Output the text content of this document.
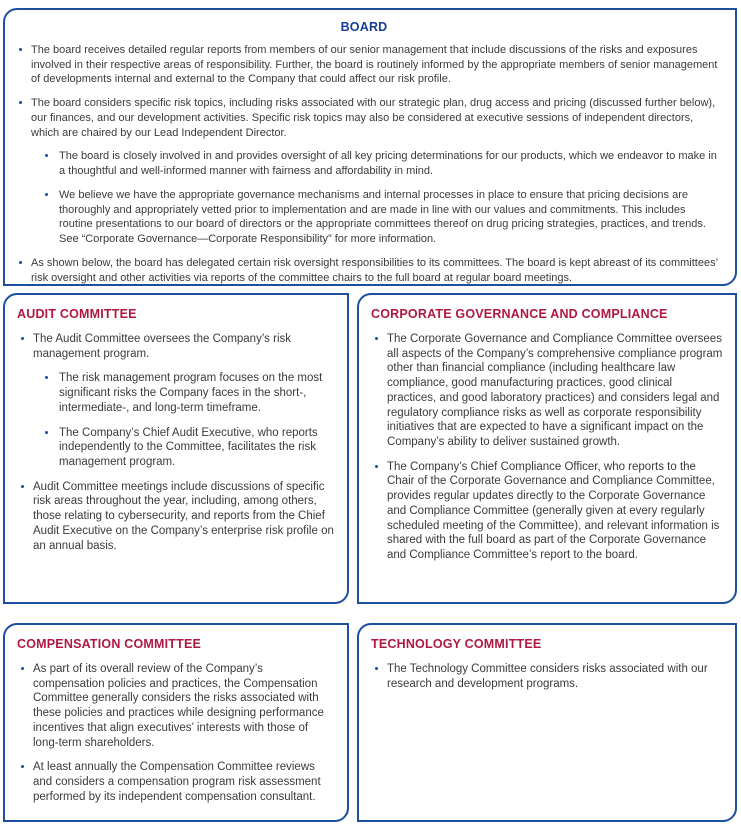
BOARD
The board receives detailed regular reports from members of our senior management that include discussions of the risks and exposures involved in their respective areas of responsibility. Further, the board is routinely informed by the appropriate members of senior management of developments internal and external to the Company that could affect our risk profile.
The board considers specific risk topics, including risks associated with our strategic plan, drug access and pricing (discussed further below), our finances, and our development activities. Specific risk topics may also be considered at executive sessions of independent directors, which are chaired by our Lead Independent Director.
The board is closely involved in and provides oversight of all key pricing determinations for our products, which we endeavor to make in a thoughtful and well-informed manner with fairness and affordability in mind.
We believe we have the appropriate governance mechanisms and internal processes in place to ensure that pricing decisions are thoroughly and appropriately vetted prior to implementation and are made in line with our values and commitments. This includes routine presentations to our board of directors or the appropriate committees thereof on drug pricing strategies, practices, and trends. See “Corporate Governance—Corporate Responsibility” for more information.
As shown below, the board has delegated certain risk oversight responsibilities to its committees. The board is kept abreast of its committees’ risk oversight and other activities via reports of the committee chairs to the full board at regular board meetings.
AUDIT COMMITTEE
The Audit Committee oversees the Company’s risk management program.
The risk management program focuses on the most significant risks the Company faces in the short-, intermediate-, and long-term timeframe.
The Company’s Chief Audit Executive, who reports independently to the Committee, facilitates the risk management program.
Audit Committee meetings include discussions of specific risk areas throughout the year, including, among others, those relating to cybersecurity, and reports from the Chief Audit Executive on the Company’s enterprise risk profile on an annual basis.
CORPORATE GOVERNANCE AND COMPLIANCE
The Corporate Governance and Compliance Committee oversees all aspects of the Company’s comprehensive compliance program other than financial compliance (including healthcare law compliance, good manufacturing practices, good clinical practices, and good laboratory practices) and considers legal and regulatory compliance risks as well as corporate responsibility initiatives that are expected to have a significant impact on the Company’s ability to deliver sustained growth.
The Company’s Chief Compliance Officer, who reports to the Chair of the Corporate Governance and Compliance Committee, provides regular updates directly to the Corporate Governance and Compliance Committee (generally given at every regularly scheduled meeting of the Committee), and relevant information is shared with the full board as part of the Corporate Governance and Compliance Committee’s report to the board.
COMPENSATION COMMITTEE
As part of its overall review of the Company’s compensation policies and practices, the Compensation Committee generally considers the risks associated with these policies and practices while designing performance incentives that align executives’ interests with those of long-term shareholders.
At least annually the Compensation Committee reviews and considers a compensation program risk assessment performed by its independent compensation consultant.
TECHNOLOGY COMMITTEE
The Technology Committee considers risks associated with our research and development programs.
